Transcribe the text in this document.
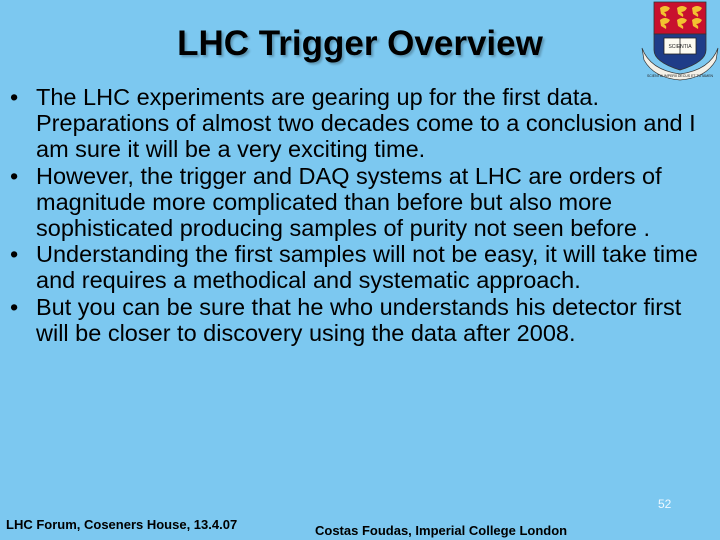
LHC Trigger Overview	SCIENTIA
SCIENTIA IMPERII DECUS ET TUTAMEN
• The LHC experiments are gearing up for the first data. Preparations of almost two decades come to a conclusion and I am sure it will be a very exciting time.
• However, the trigger and DAQ systems at LHC are orders of magnitude more complicated than before but also more sophisticated producing samples of purity not seen before .
• Understanding the first samples will not be easy, it will take time and requires a methodical and systematic approach.
• But you can be sure that he who understands his detector first will be closer to discovery using the data after 2008.
52
LHC Forum, Coseners House, 13.4.07	Costas Foudas, Imperial College London
